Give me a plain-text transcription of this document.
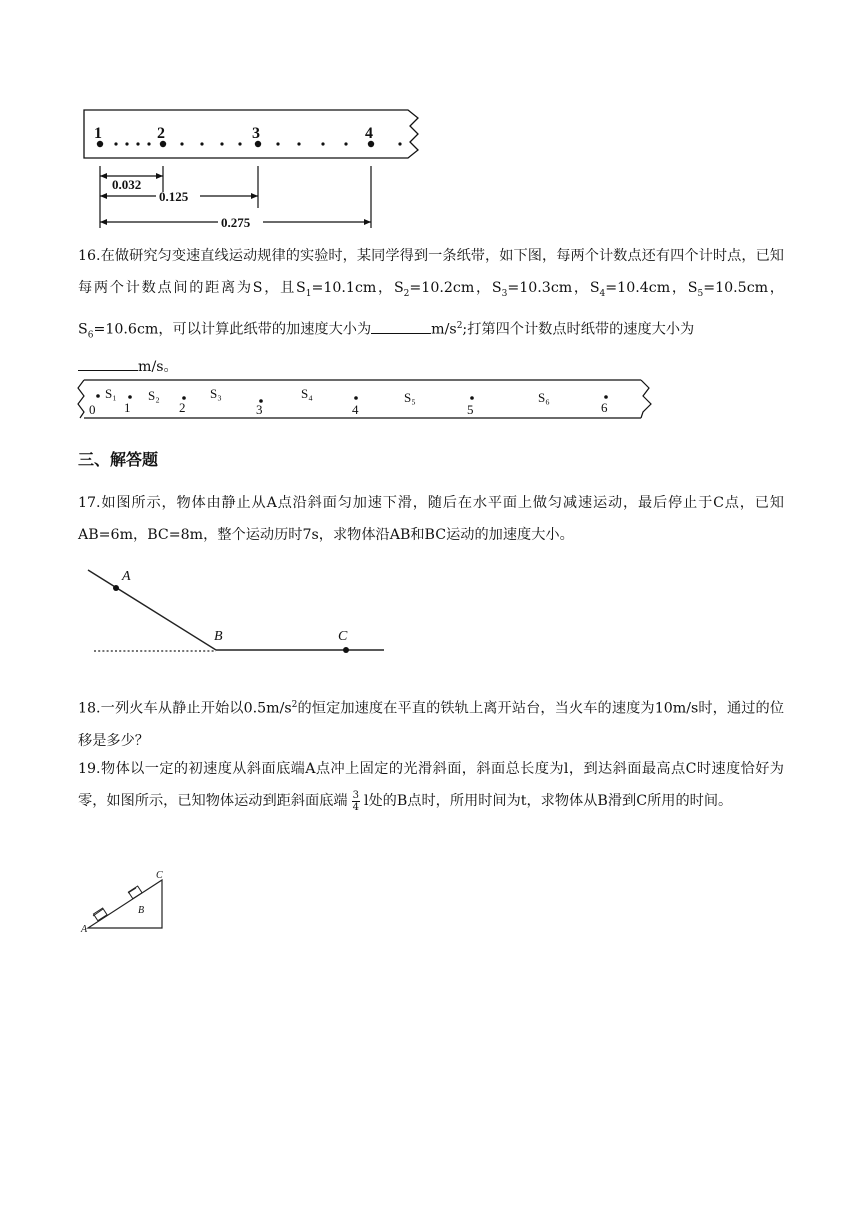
1	2	3	4
0.032
0.125
0.275

16.在做研究匀变速直线运动规律的实验时，某同学得到一条纸带，如下图，每两个计数点还有四个计时点，已知每两个计数点间的距离为S，且$S_1=10.1cm$，$S_2=10.2cm$，$S_3=10.3cm$，$S_4=10.4cm$，$S_5=10.5cm$，$S_6=10.6cm$，可以计算此纸带的加速度大小为	$m/s^2$;打第四个计数点时纸带的速度大小为
m/s。

S₁ S₂	S₃	S₄	S₅	S₆
0 1	2	3	4	5	6

三、解答题

17.如图所示，物体由静止从A点沿斜面匀加速下滑，随后在水平面上做匀减速运动，最后停止于C点，已知AB=6m，BC=8m，整个运动历时7s，求物体沿AB和BC运动的加速度大小。

A
B	C

18.一列火车从静止开始以$0.5m/s^2$的恒定加速度在平直的铁轨上离开站台，当火车的速度为10m/s时，通过的位移是多少？

19.物体以一定的初速度从斜面底端A点冲上固定的光滑斜面，斜面总长度为l，到达斜面最高点C时速度恰好为零，如图所示，已知物体运动到距斜面底端 $\frac{3}{4}$ l处的B点时，所用时间为t，求物体从B滑到C所用的时间。

A
B
C
